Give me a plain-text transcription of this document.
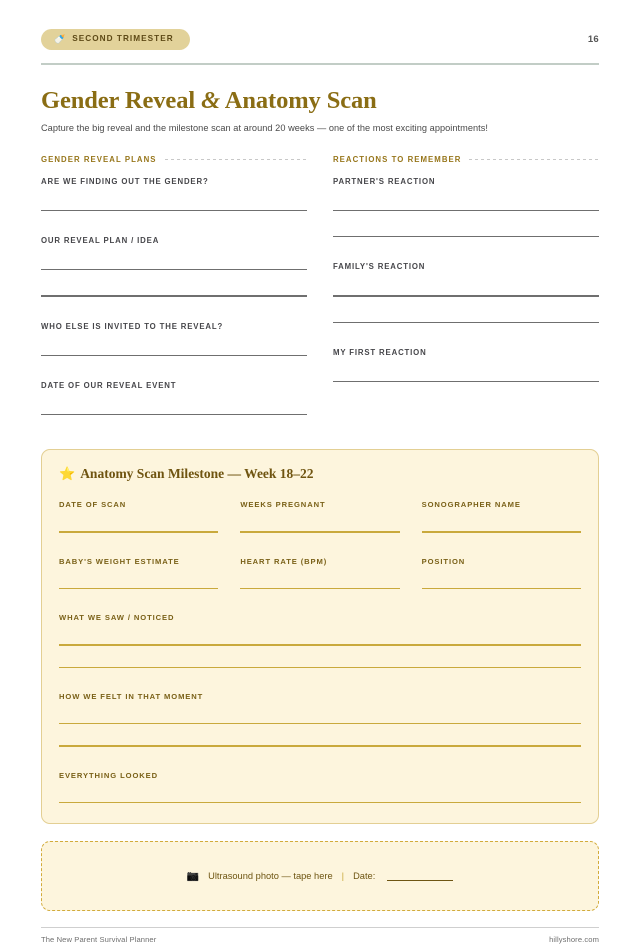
🍼 SECOND TRIMESTER	16
Gender Reveal & Anatomy Scan
Capture the big reveal and the milestone scan at around 20 weeks — one of the most exciting appointments!
GENDER REVEAL PLANS
ARE WE FINDING OUT THE GENDER?
OUR REVEAL PLAN / IDEA
WHO ELSE IS INVITED TO THE REVEAL?
DATE OF OUR REVEAL EVENT
REACTIONS TO REMEMBER
PARTNER'S REACTION
FAMILY'S REACTION
MY FIRST REACTION
⭐ Anatomy Scan Milestone — Week 18–22
DATE OF SCAN	WEEKS PREGNANT	SONOGRAPHER NAME
BABY'S WEIGHT ESTIMATE	HEART RATE (BPM)	POSITION
WHAT WE SAW / NOTICED
HOW WE FELT IN THAT MOMENT
EVERYTHING LOOKED
📷 Ultrasound photo — tape here | Date:
The New Parent Survival Planner	hillyshore.com
